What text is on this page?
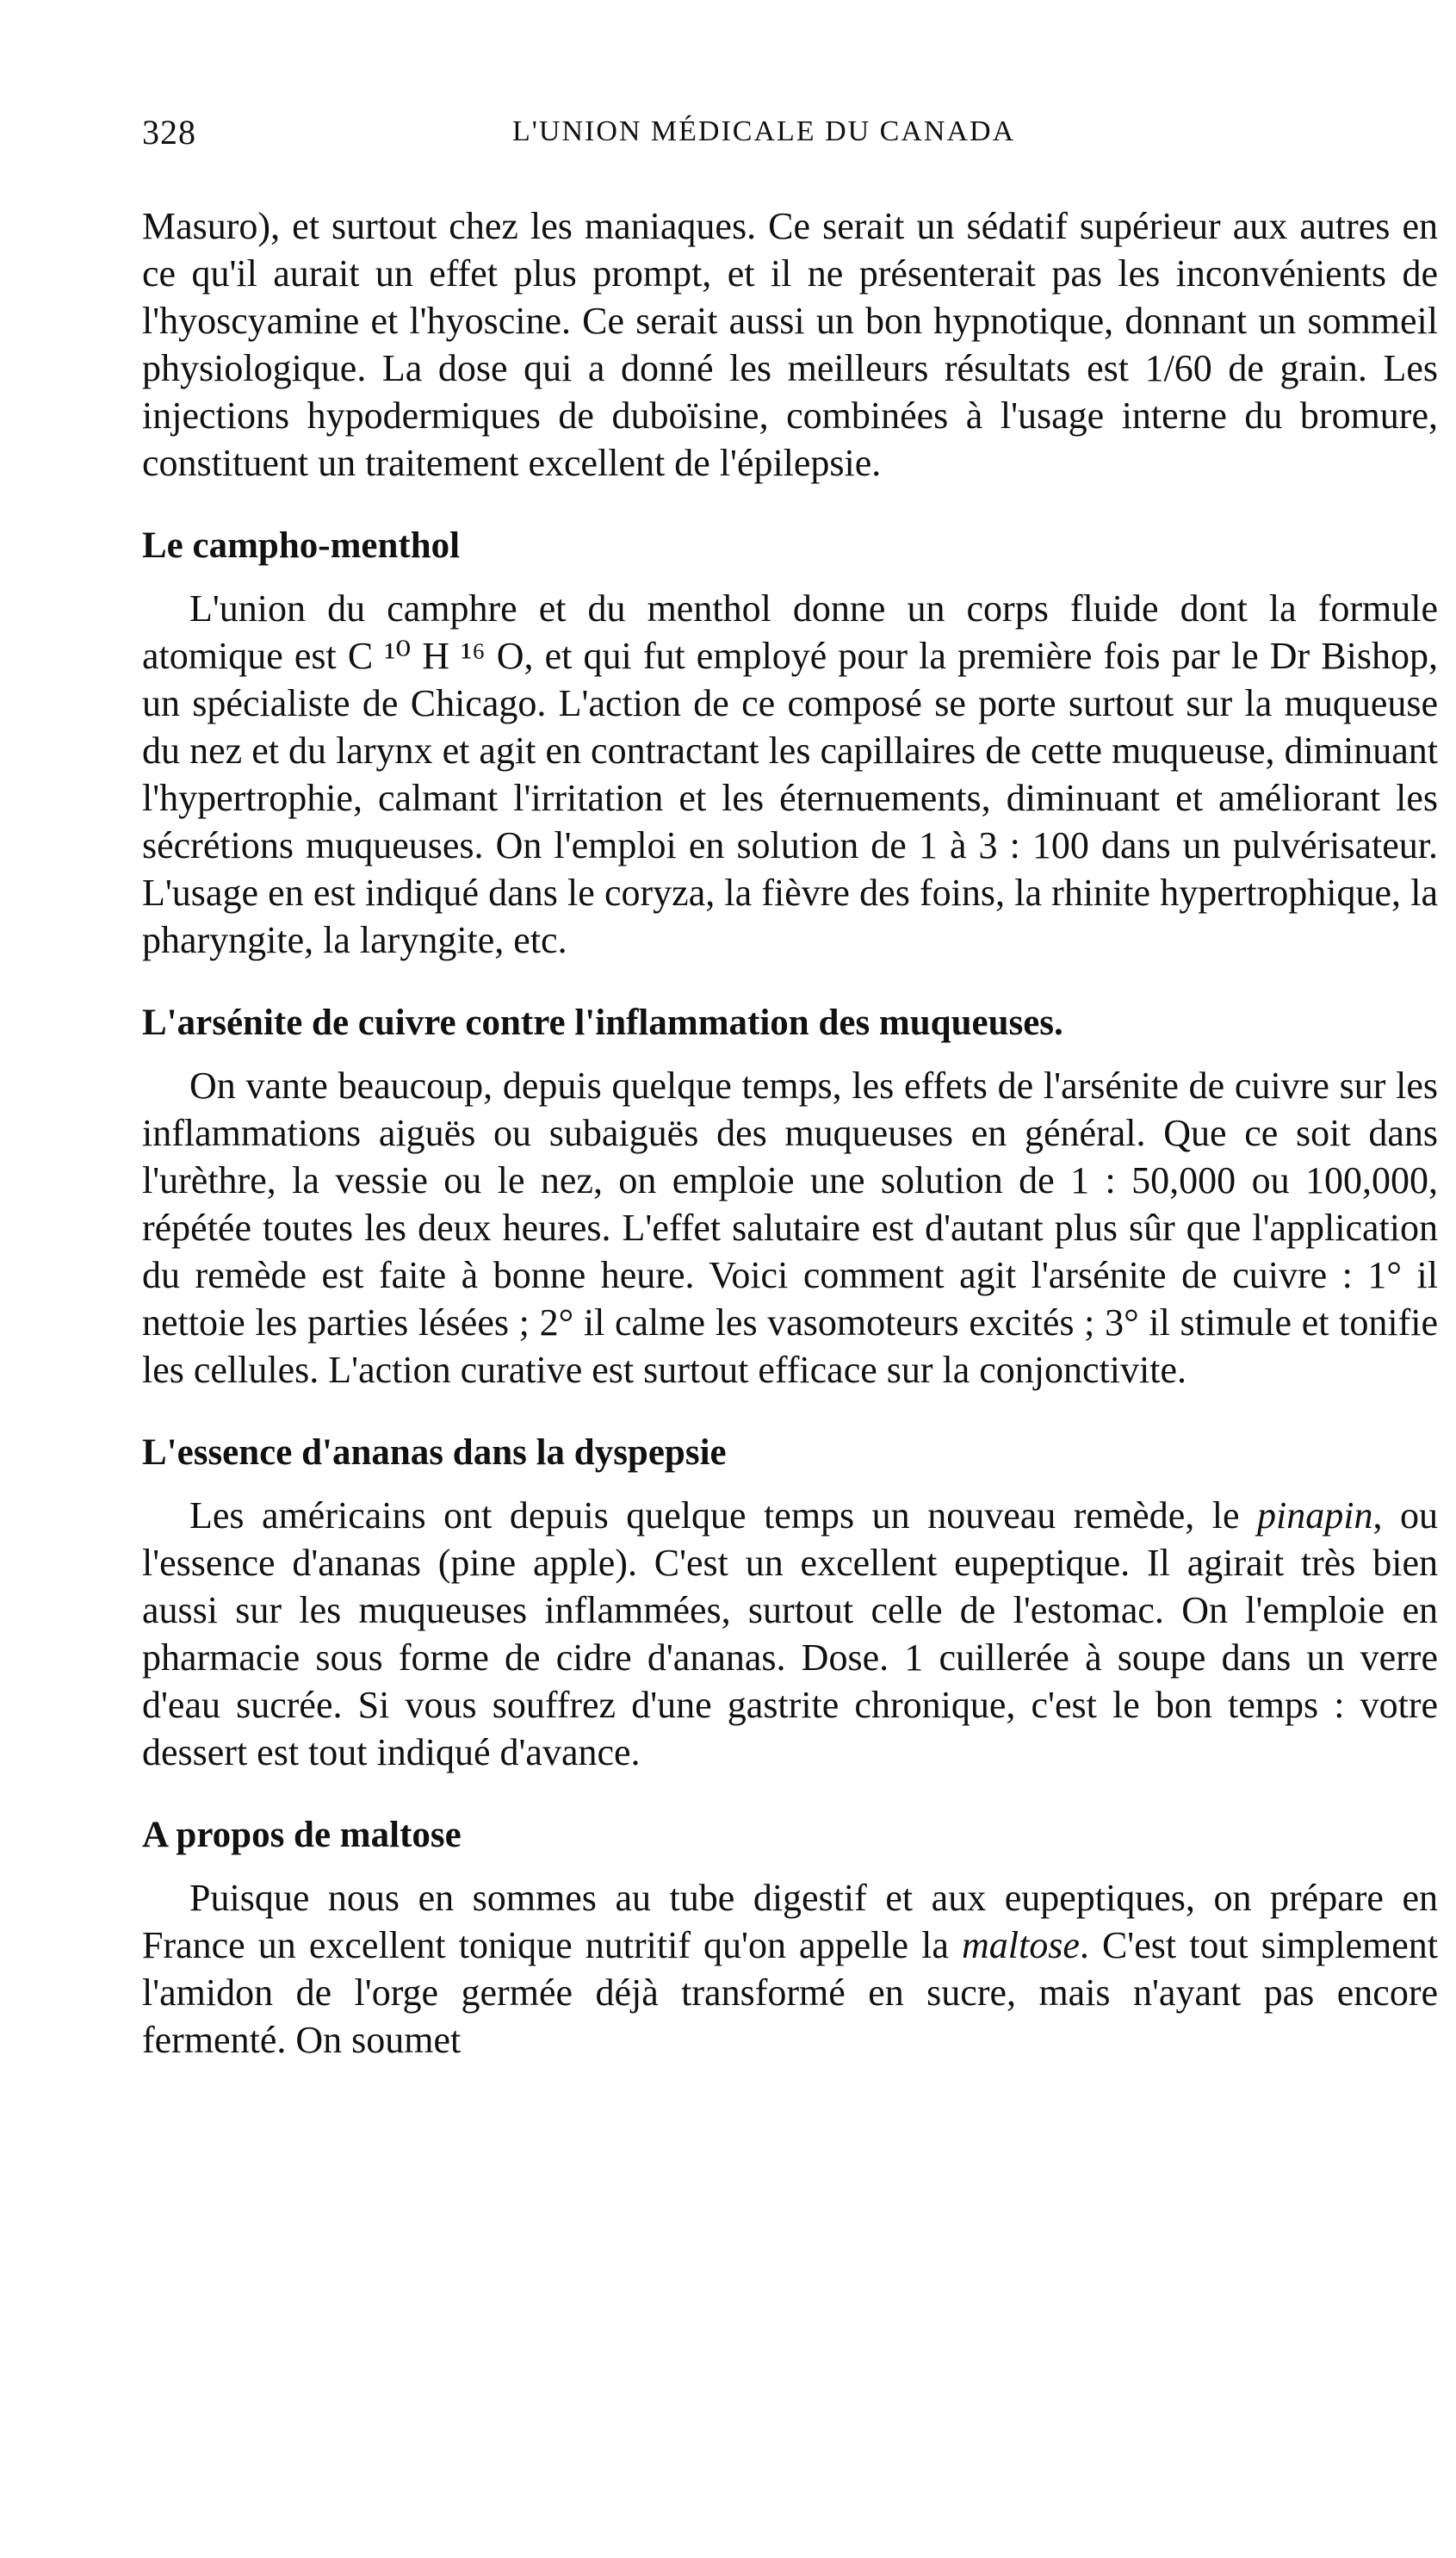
328	L'UNION MÉDICALE DU CANADA

Masuro), et surtout chez les maniaques. Ce serait un sédatif supérieur aux autres en ce qu'il aurait un effet plus prompt, et il ne présenterait pas les inconvénients de l'hyoscyamine et l'hyoscine. Ce serait aussi un bon hypnotique, donnant un sommeil physiologique. La dose qui a donné les meilleurs résultats est 1/60 de grain. Les injections hypodermiques de duboïsine, combinées à l'usage interne du bromure, constituent un traitement excellent de l'épilepsie.

Le campho-menthol

L'union du camphre et du menthol donne un corps fluide dont la formule atomique est C ¹⁰ H ¹⁶ O, et qui fut employé pour la première fois par le Dr Bishop, un spécialiste de Chicago. L'action de ce composé se porte surtout sur la muqueuse du nez et du larynx et agit en contractant les capillaires de cette muqueuse, diminuant l'hypertrophie, calmant l'irritation et les éternuements, diminuant et améliorant les sécrétions muqueuses. On l'emploi en solution de 1 à 3 : 100 dans un pulvérisateur. L'usage en est indiqué dans le coryza, la fièvre des foins, la rhinite hypertrophique, la pharyngite, la laryngite, etc.

L'arsénite de cuivre contre l'inflammation des muqueuses.

On vante beaucoup, depuis quelque temps, les effets de l'arsénite de cuivre sur les inflammations aiguës ou subaiguës des muqueuses en général. Que ce soit dans l'urèthre, la vessie ou le nez, on emploie une solution de 1 : 50,000 ou 100,000, répétée toutes les deux heures. L'effet salutaire est d'autant plus sûr que l'application du remède est faite à bonne heure. Voici comment agit l'arsénite de cuivre : 1° il nettoie les parties lésées ; 2° il calme les vasomoteurs excités ; 3° il stimule et tonifie les cellules. L'action curative est surtout efficace sur la conjonctivite.

L'essence d'ananas dans la dyspepsie

Les américains ont depuis quelque temps un nouveau remède, le pinapin, ou l'essence d'ananas (pine apple). C'est un excellent eupeptique. Il agirait très bien aussi sur les muqueuses inflammées, surtout celle de l'estomac. On l'emploie en pharmacie sous forme de cidre d'ananas. Dose. 1 cuillerée à soupe dans un verre d'eau sucrée. Si vous souffrez d'une gastrite chronique, c'est le bon temps : votre dessert est tout indiqué d'avance.

A propos de maltose

Puisque nous en sommes au tube digestif et aux eupeptiques, on prépare en France un excellent tonique nutritif qu'on appelle la maltose. C'est tout simplement l'amidon de l'orge germée déjà transformé en sucre, mais n'ayant pas encore fermenté. On soumet
